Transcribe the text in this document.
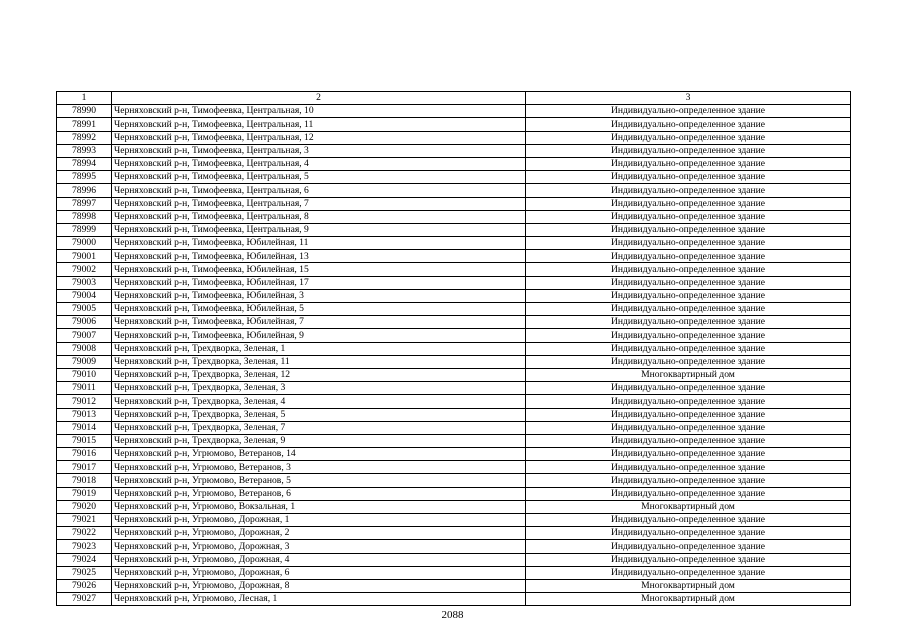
1	2	3
78990	Черняховский р-н, Тимофеевка, Центральная, 10	Индивидуально-определенное здание
78991	Черняховский р-н, Тимофеевка, Центральная, 11	Индивидуально-определенное здание
78992	Черняховский р-н, Тимофеевка, Центральная, 12	Индивидуально-определенное здание
78993	Черняховский р-н, Тимофеевка, Центральная, 3	Индивидуально-определенное здание
78994	Черняховский р-н, Тимофеевка, Центральная, 4	Индивидуально-определенное здание
78995	Черняховский р-н, Тимофеевка, Центральная, 5	Индивидуально-определенное здание
78996	Черняховский р-н, Тимофеевка, Центральная, 6	Индивидуально-определенное здание
78997	Черняховский р-н, Тимофеевка, Центральная, 7	Индивидуально-определенное здание
78998	Черняховский р-н, Тимофеевка, Центральная, 8	Индивидуально-определенное здание
78999	Черняховский р-н, Тимофеевка, Центральная, 9	Индивидуально-определенное здание
79000	Черняховский р-н, Тимофеевка, Юбилейная, 11	Индивидуально-определенное здание
79001	Черняховский р-н, Тимофеевка, Юбилейная, 13	Индивидуально-определенное здание
79002	Черняховский р-н, Тимофеевка, Юбилейная, 15	Индивидуально-определенное здание
79003	Черняховский р-н, Тимофеевка, Юбилейная, 17	Индивидуально-определенное здание
79004	Черняховский р-н, Тимофеевка, Юбилейная, 3	Индивидуально-определенное здание
79005	Черняховский р-н, Тимофеевка, Юбилейная, 5	Индивидуально-определенное здание
79006	Черняховский р-н, Тимофеевка, Юбилейная, 7	Индивидуально-определенное здание
79007	Черняховский р-н, Тимофеевка, Юбилейная, 9	Индивидуально-определенное здание
79008	Черняховский р-н, Трехдворка, Зеленая, 1	Индивидуально-определенное здание
79009	Черняховский р-н, Трехдворка, Зеленая, 11	Индивидуально-определенное здание
79010	Черняховский р-н, Трехдворка, Зеленая, 12	Многоквартирный дом
79011	Черняховский р-н, Трехдворка, Зеленая, 3	Индивидуально-определенное здание
79012	Черняховский р-н, Трехдворка, Зеленая, 4	Индивидуально-определенное здание
79013	Черняховский р-н, Трехдворка, Зеленая, 5	Индивидуально-определенное здание
79014	Черняховский р-н, Трехдворка, Зеленая, 7	Индивидуально-определенное здание
79015	Черняховский р-н, Трехдворка, Зеленая, 9	Индивидуально-определенное здание
79016	Черняховский р-н, Угрюмово, Ветеранов, 14	Индивидуально-определенное здание
79017	Черняховский р-н, Угрюмово, Ветеранов, 3	Индивидуально-определенное здание
79018	Черняховский р-н, Угрюмово, Ветеранов, 5	Индивидуально-определенное здание
79019	Черняховский р-н, Угрюмово, Ветеранов, 6	Индивидуально-определенное здание
79020	Черняховский р-н, Угрюмово, Вокзальная, 1	Многоквартирный дом
79021	Черняховский р-н, Угрюмово, Дорожная, 1	Индивидуально-определенное здание
79022	Черняховский р-н, Угрюмово, Дорожная, 2	Индивидуально-определенное здание
79023	Черняховский р-н, Угрюмово, Дорожная, 3	Индивидуально-определенное здание
79024	Черняховский р-н, Угрюмово, Дорожная, 4	Индивидуально-определенное здание
79025	Черняховский р-н, Угрюмово, Дорожная, 6	Индивидуально-определенное здание
79026	Черняховский р-н, Угрюмово, Дорожная, 8	Многоквартирный дом
79027	Черняховский р-н, Угрюмово, Лесная, 1	Многоквартирный дом
2088
